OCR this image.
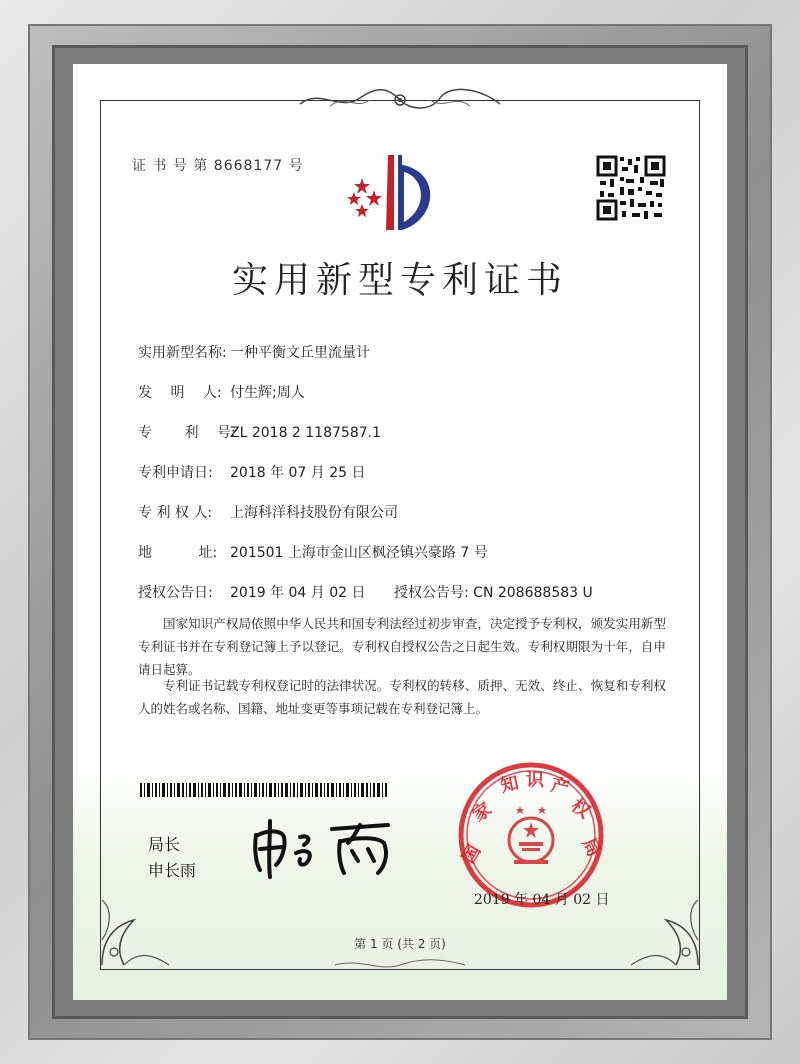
证 书 号 第 8668177 号
实用新型专利证书
实用新型名称: 一种平衡文丘里流量计
发　 明　 人: 付生辉;周人
专　 　利　 号:ZL 2018 2 1187587.1
专利申请日: 2018 年 07 月 25 日
专 利 权 人: 上海科洋科技股份有限公司
地　　 　址: 201501 上海市金山区枫泾镇兴豪路 7 号
授权公告日: 2019 年 04 月 02 日 授权公告号: CN 208688583 U
国家知识产权局依照中华人民共和国专利法经过初步审查，决定授予专利权，颁发实用新型专利证书并在专利登记簿上予以登记。专利权自授权公告之日起生效。专利权期限为十年，自申请日起算。
专利证书记载专利权登记时的法律状况。专利权的转移、质押、无效、终止、恢复和专利权人的姓名或名称、国籍、地址变更等事项记载在专利登记簿上。
局长
申长雨
国
家
知 识 产
权
局
2019 年 04 月 02 日
第 1 页 (共 2 页)
